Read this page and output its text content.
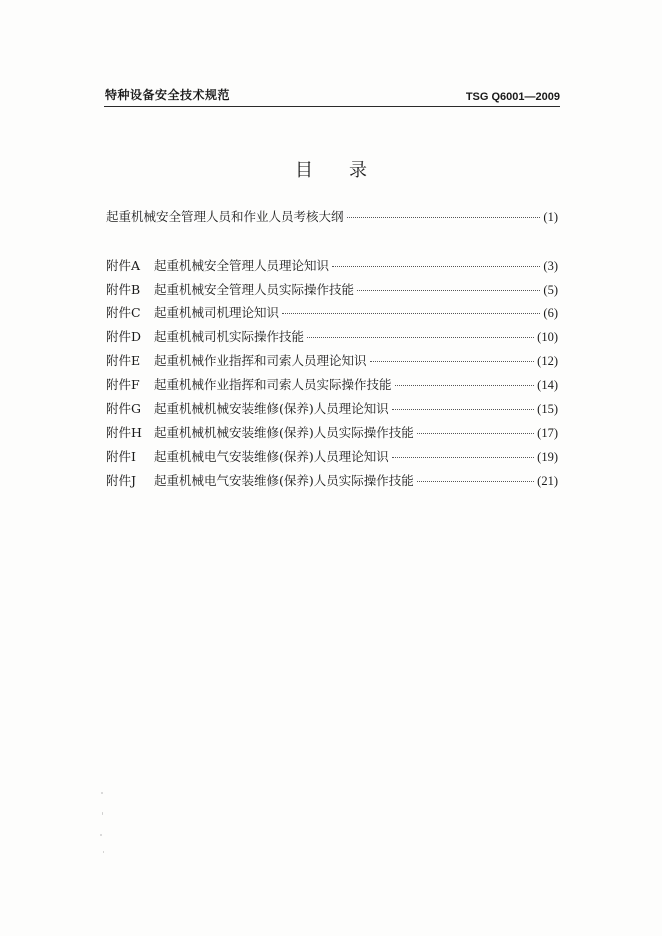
特种设备安全技术规范	TSG Q6001—2009
目录
起重机械安全管理人员和作业人员考核大纲	(1)
附件A	起重机械安全管理人员理论知识	(3)
附件B	起重机械安全管理人员实际操作技能	(5)
附件C	起重机械司机理论知识	(6)
附件D	起重机械司机实际操作技能	(10)
附件E	起重机械作业指挥和司索人员理论知识	(12)
附件F	起重机械作业指挥和司索人员实际操作技能	(14)
附件G	起重机械机械安装维修(保养)人员理论知识	(15)
附件H 起重机械机械安装维修(保养)人员实际操作技能	(17)
附件I	起重机械电气安装维修(保养)人员理论知识	(19)
附件J	起重机械电气安装维修(保养)人员实际操作技能	(21)
